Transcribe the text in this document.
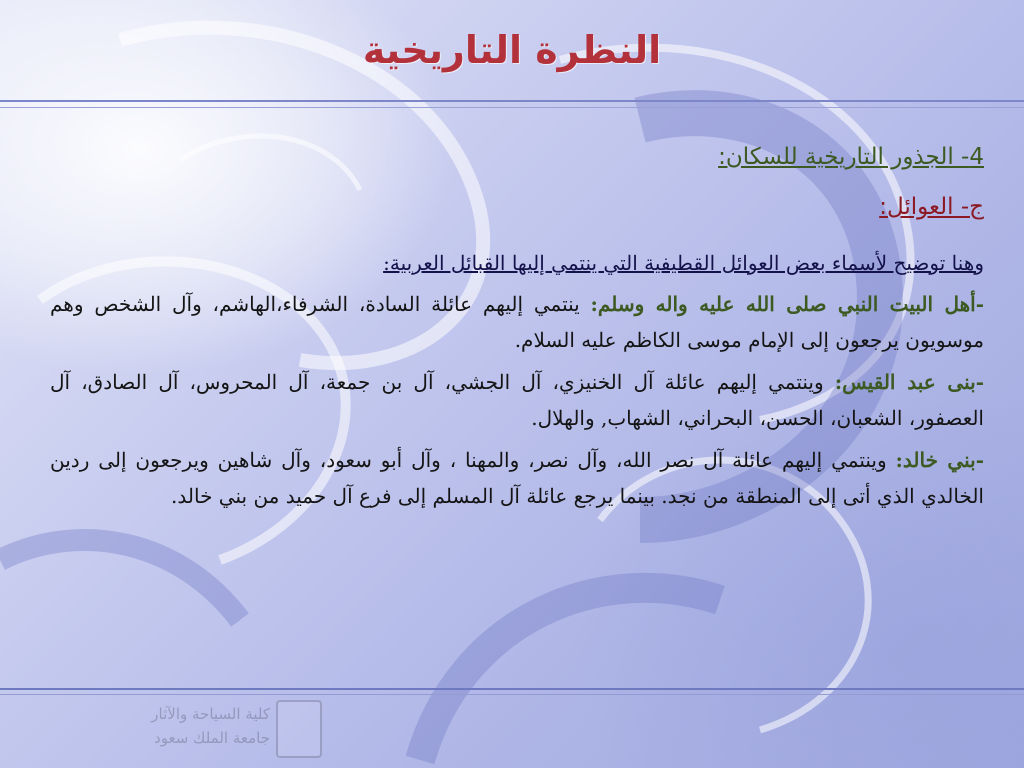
النظرة التاريخية
4- الجذور التاريخية للسكان:
ج- العوائل:
وهنا توضيح لأسماء بعض العوائل القطيفية التي ينتمي إليها القبائل العربية:

-أهل البيت النبي صلى الله عليه واله وسلم: ينتمي إليهم عائلة السادة، الشرفاء،الهاشم، وآل الشخص وهم موسويون يرجعون إلى الإمام موسى الكاظم عليه السلام.

-بنى عبد القيس: وينتمي إليهم عائلة آل الخنيزي، آل الجشي، آل بن جمعة، آل المحروس، آل الصادق، آل العصفور، الشعبان، الحسن، البحراني، الشهاب, والهلال.

-بني خالد: وينتمي إليهم عائلة آل نصر الله، وآل نصر، والمهنا ، وآل أبو سعود، وآل شاهين ويرجعون إلى ردين الخالدي الذي أتى إلى المنطقة من نجد. بينما يرجع عائلة آل المسلم إلى فرع آل حميد من بني خالد.

كلية السياحة والآثار
جامعة الملك سعود
